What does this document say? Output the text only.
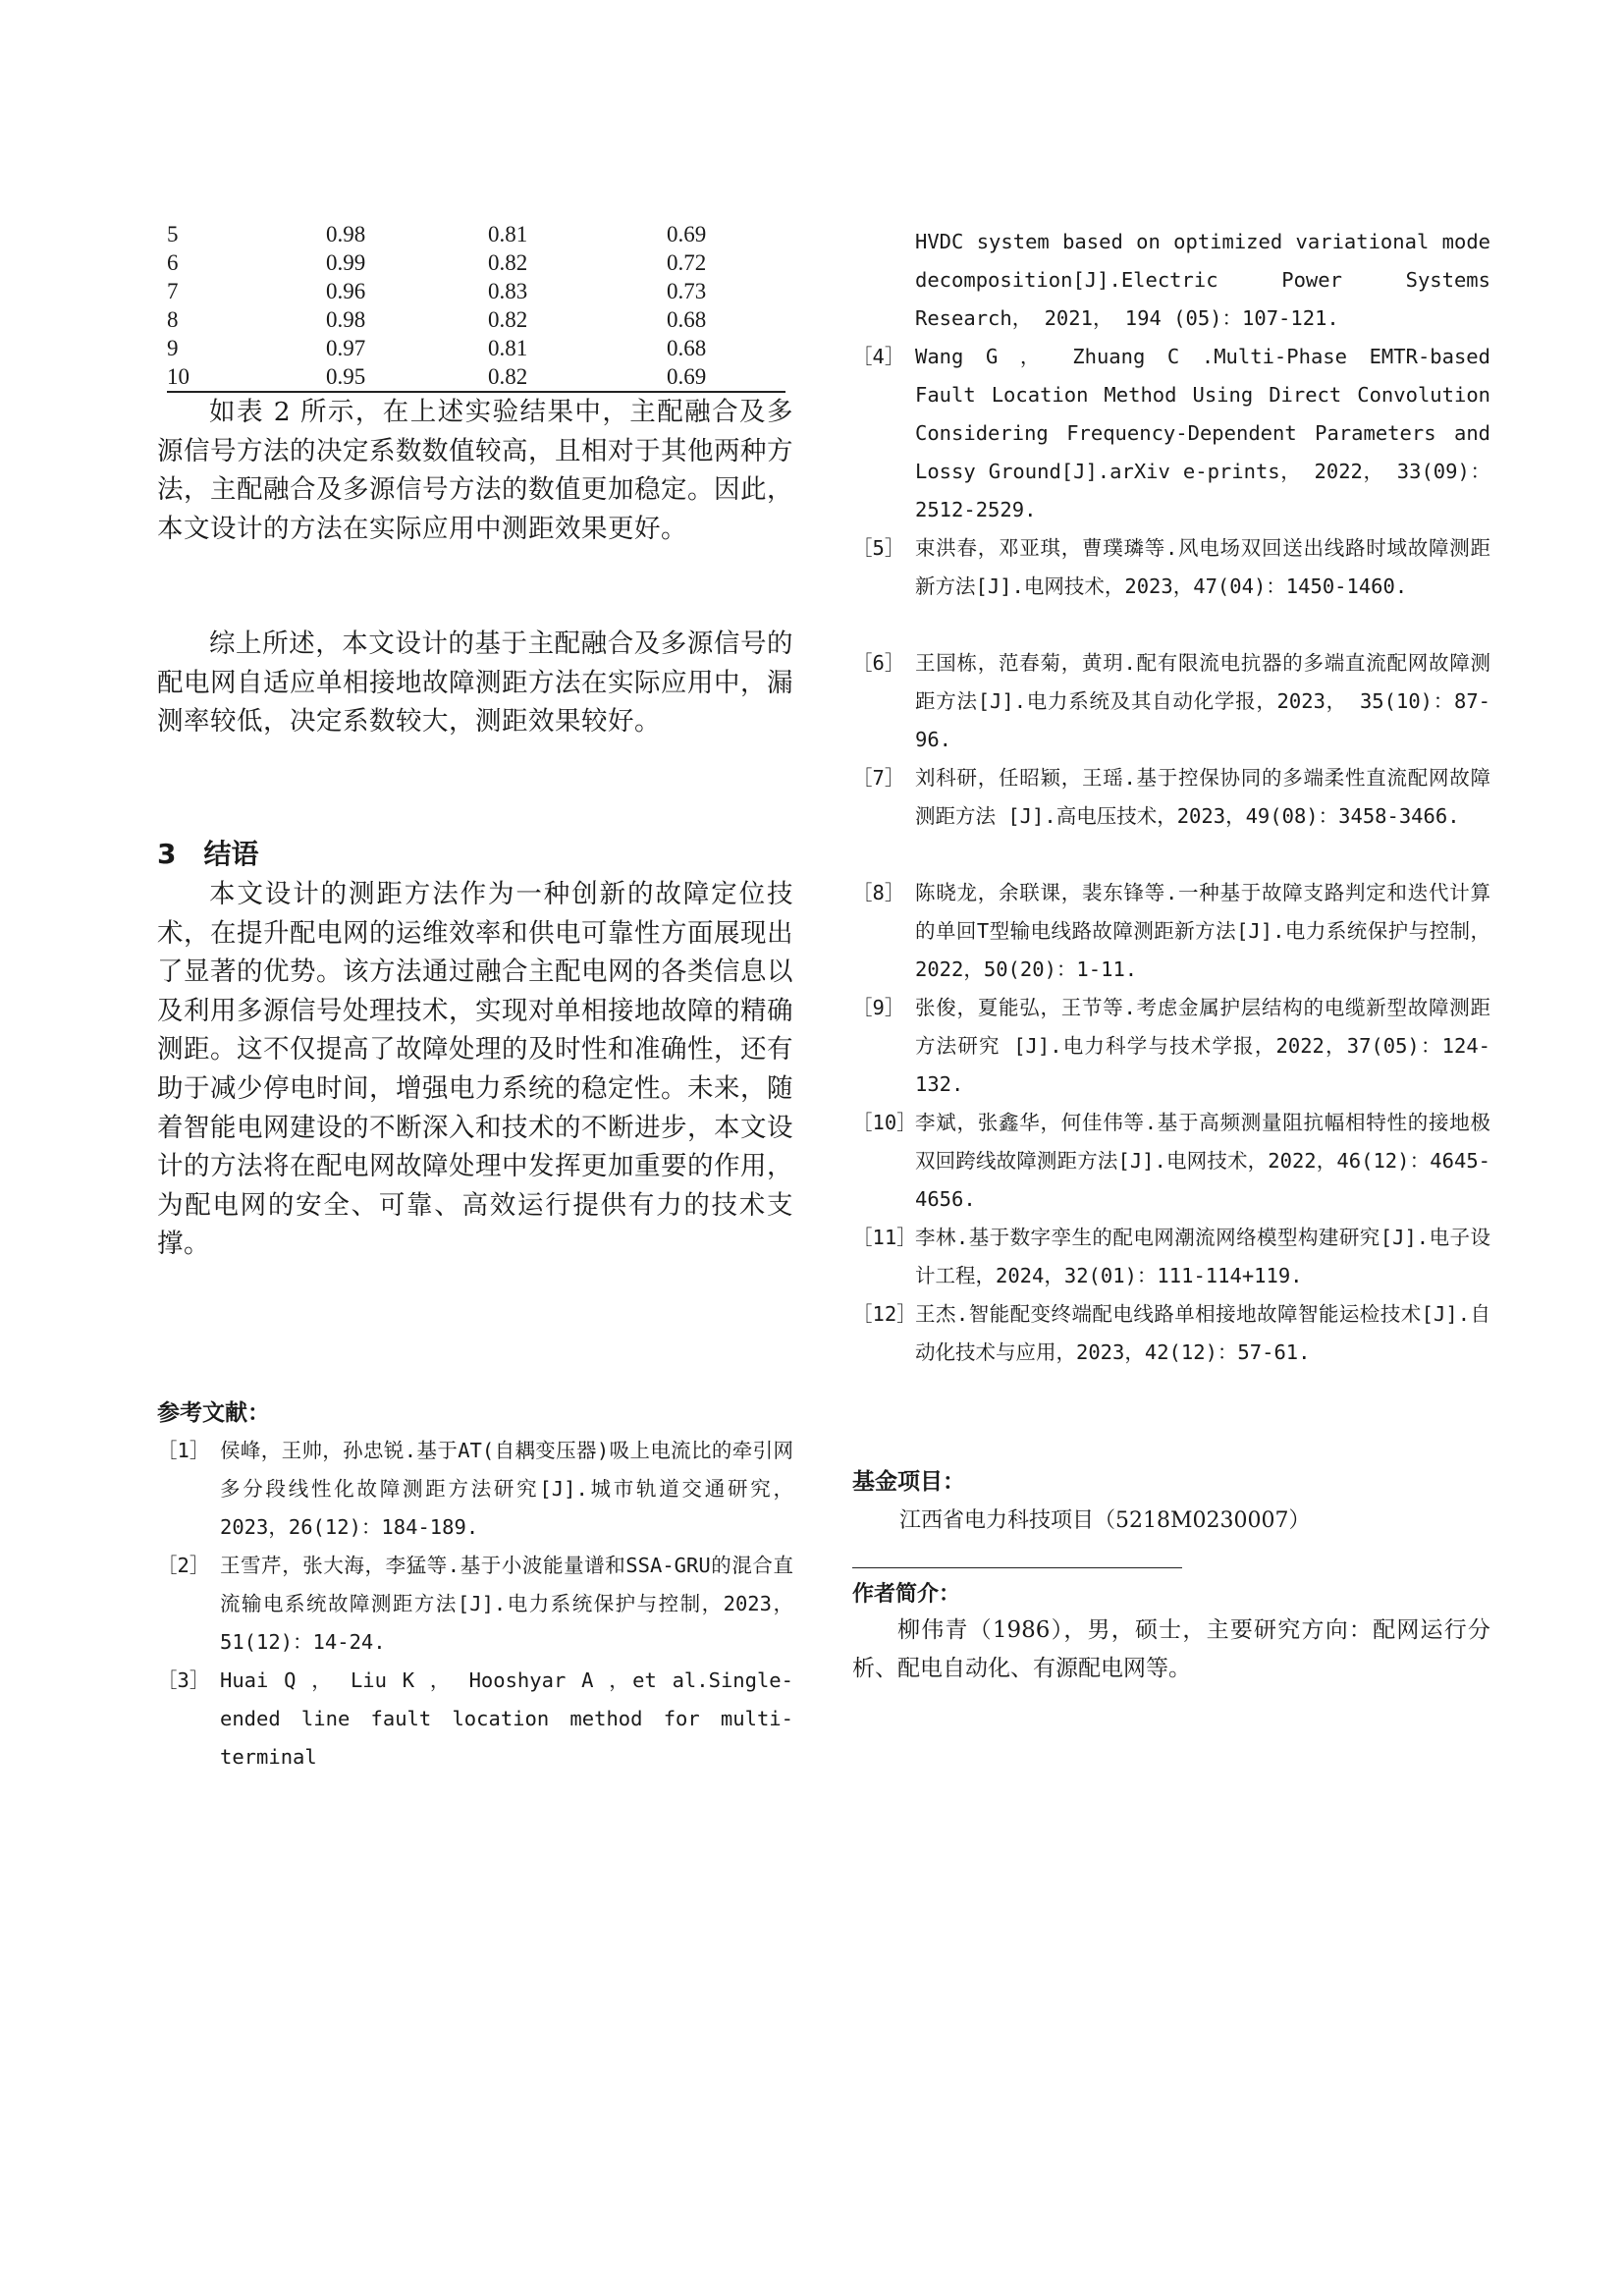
5	0.98	0.81	0.69
6	0.99	0.82	0.72
7	0.96	0.83	0.73
8	0.98	0.82	0.68
9	0.97	0.81	0.68
10	0.95	0.82	0.69
如表 2 所示，在上述实验结果中，主配融合及多源信号方法的决定系数数值较高，且相对于其他两种方法，主配融合及多源信号方法的数值更加稳定。因此，本文设计的方法在实际应用中测距效果更好。
综上所述，本文设计的基于主配融合及多源信号的配电网自适应单相接地故障测距方法在实际应用中，漏测率较低，决定系数较大，测距效果较好。
3　结语
本文设计的测距方法作为一种创新的故障定位技术，在提升配电网的运维效率和供电可靠性方面展现出了显著的优势。该方法通过融合主配电网的各类信息以及利用多源信号处理技术，实现对单相接地故障的精确测距。这不仅提高了故障处理的及时性和准确性，还有助于减少停电时间，增强电力系统的稳定性。未来，随着智能电网建设的不断深入和技术的不断进步，本文设计的方法将在配电网故障处理中发挥更加重要的作用，为配电网的安全、可靠、高效运行提供有力的技术支撑。
参考文献：
［1］ 侯峰，王帅，孙忠锐.基于AT(自耦变压器)吸上电流比的牵引网多分段线性化故障测距方法研究[J].城市轨道交通研究，2023，26(12)：184-189.
［2］ 王雪芹，张大海，李猛等.基于小波能量谱和SSA-GRU的混合直流输电系统故障测距方法[J].电力系统保护与控制，2023，51(12)：14-24.
［3］ Huai Q ， Liu K ， Hooshyar A ，et al.Single-ended line fault location method for multi-terminal
HVDC system based on optimized variational mode decomposition[J].Electric Power Systems Research， 2021， 194 (05)：107-121.
［4］ Wang G ， Zhuang C .Multi-Phase EMTR-based Fault Location Method Using Direct Convolution Considering Frequency-Dependent Parameters and Lossy Ground[J].arXiv e-prints， 2022， 33(09)：2512-2529.
［5］ 束洪春，邓亚琪，曹璞璘等.风电场双回送出线路时域故障测距新方法[J].电网技术，2023，47(04)：1450-1460.
［6］ 王国栋，范春菊，黄玥.配有限流电抗器的多端直流配网故障测距方法[J].电力系统及其自动化学报，2023， 35(10)：87-96.
［7］ 刘科研，任昭颖，王瑶.基于控保协同的多端柔性直流配网故障测距方法 [J].高电压技术，2023，49(08)：3458-3466.
［8］ 陈晓龙，余联课，裴东锋等.一种基于故障支路判定和迭代计算的单回T型输电线路故障测距新方法[J].电力系统保护与控制，2022，50(20)：1-11.
［9］ 张俊，夏能弘，王节等.考虑金属护层结构的电缆新型故障测距方法研究 [J].电力科学与技术学报，2022，37(05)：124-132.
［10］
李斌，张鑫华，何佳伟等.基于高频测量阻抗幅相特性的接地极双回跨线故障测距方法[J].电网技术，2022，46(12)：4645-4656.
［11］
李林.基于数字孪生的配电网潮流网络模型构建研究[J].电子设计工程，2024，32(01)：111-114+119.
［12］
王杰.智能配变终端配电线路单相接地故障智能运检技术[J].自动化技术与应用，2023，42(12)：57-61.
基金项目：
江西省电力科技项目（5218M0230007）
作者简介：
柳伟青（1986），男，硕士，主要研究方向：配网运行分析、配电自动化、有源配电网等。
